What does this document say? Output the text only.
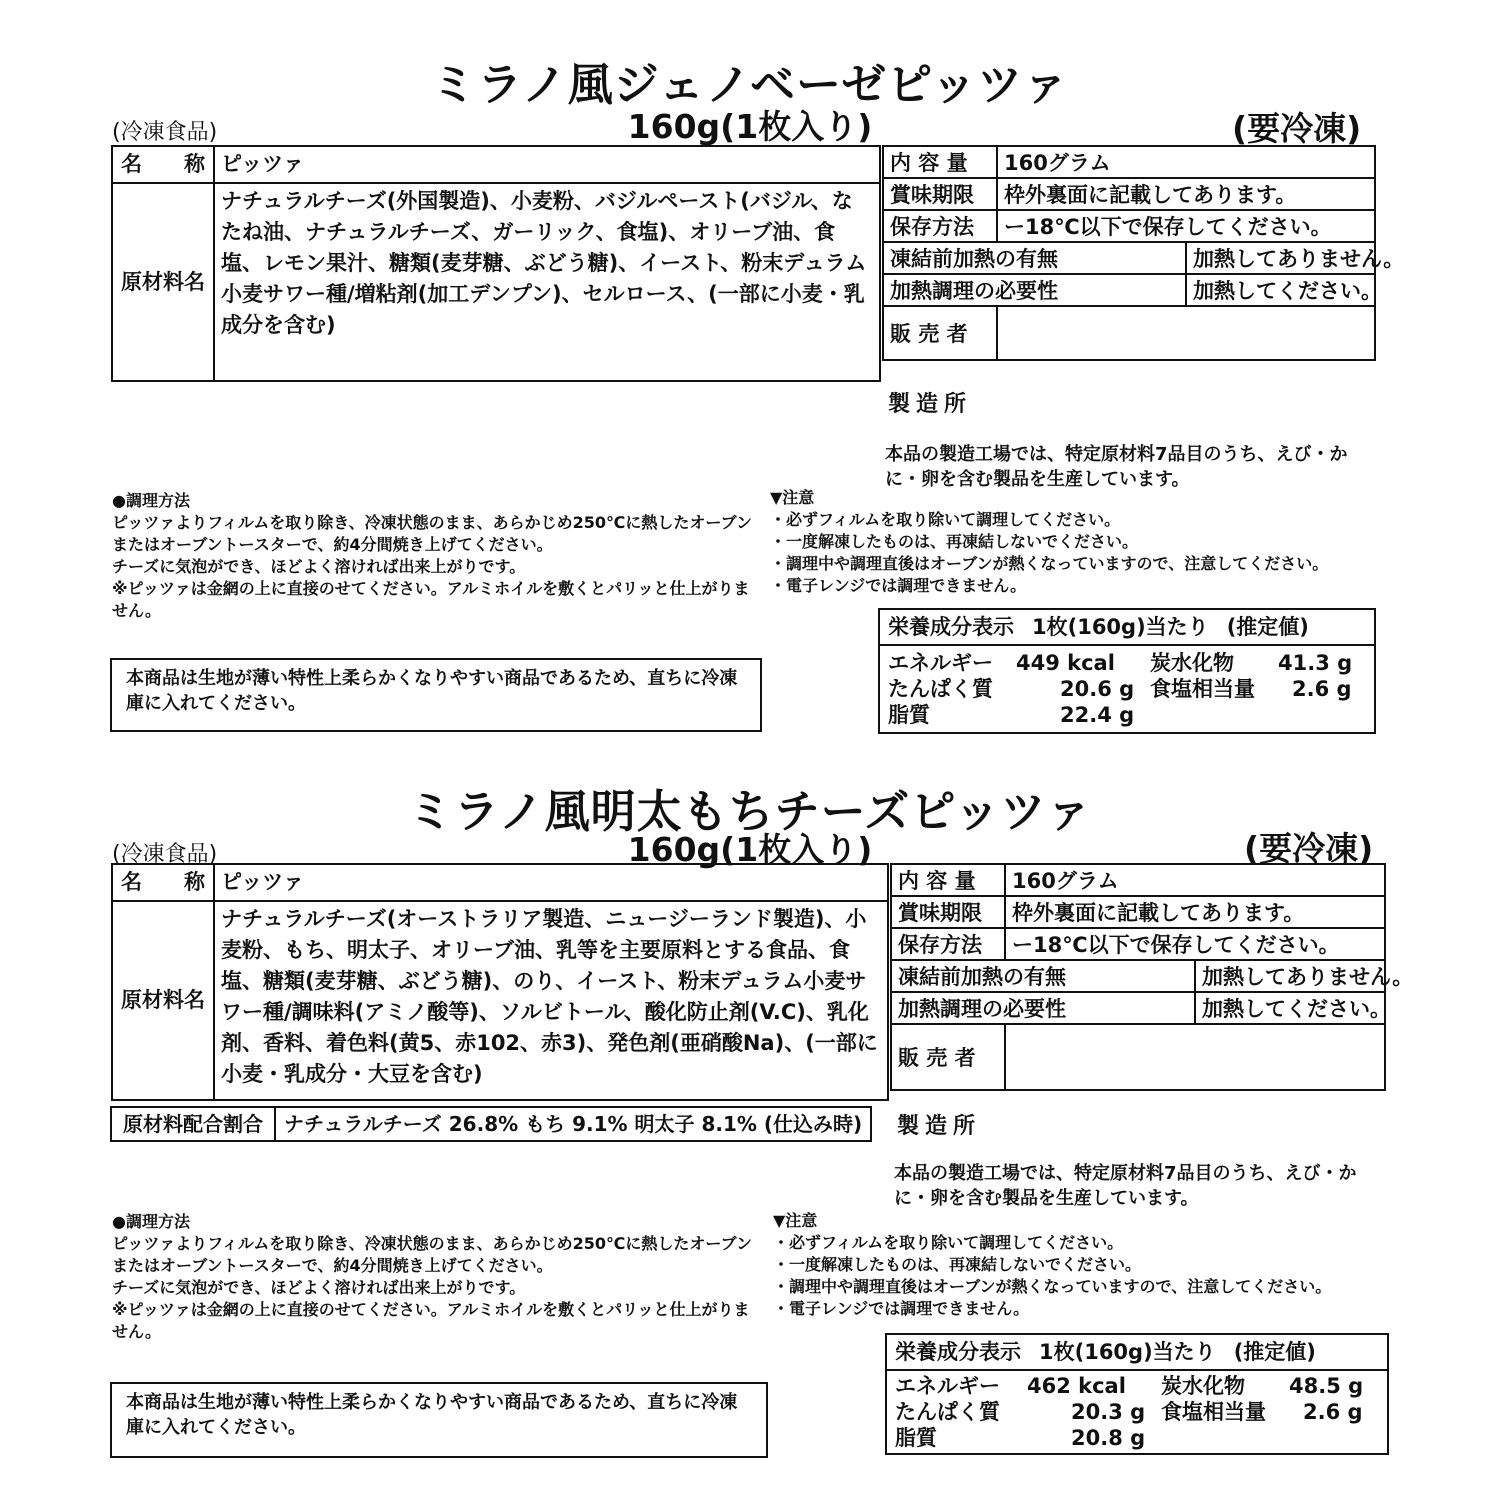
ミラノ風ジェノベーゼピッツァ
(冷凍食品)	160g(1枚入り)	(要冷凍)
名　　称	ピッツァ
原材料名	ナチュラルチーズ(外国製造)、小麦粉、バジルペースト(バジル、なたね油、ナチュラルチーズ、ガーリック、食塩)、オリーブ油、食塩、レモン果汁、糖類(麦芽糖、ぶどう糖)、イースト、粉末デュラム小麦サワー種/増粘剤(加工デンプン)、セルロース、(一部に小麦・乳成分を含む)
内 容 量	160グラム	
賞味期限	枠外裏面に記載してあります。	
保存方法	ー18℃以下で保存してください。	
凍結前加熱の有無		加熱してありません。
加熱調理の必要性		加熱してください。
販 売 者		
製造所
本品の製造工場では、特定原材料7品目のうち、えび・かに・卵を含む製品を生産しています。

●調理方法

ピッツァよりフィルムを取り除き、冷凍状態のまま、あらかじめ250℃に熱したオーブンまたはオーブントースターで、約4分間焼き上げてください。

チーズに気泡ができ、ほどよく溶ければ出来上がりです。

※ピッツァは金網の上に直接のせてください。アルミホイルを敷くとパリッと仕上がりません。

本商品は生地が薄い特性上柔らかくなりやすい商品であるため、直ちに冷凍庫に入れてください。

▼注意

・必ずフィルムを取り除いて調理してください。

・一度解凍したものは、再凍結しないでください。

・調理中や調理直後はオーブンが熱くなっていますので、注意してください。

・電子レンジでは調理できません。

栄養成分表示 1枚(160g)当たり (推定値)
エネルギー 449 kcal 炭水化物 41.3 g
たんぱく質	20.6 g 食塩相当量 2.6 g
脂質	22.4 g
ミラノ風明太もちチーズピッツァ
(冷凍食品)	160g(1枚入り)	(要冷凍)
名　　称	ピッツァ
原材料名	ナチュラルチーズ(オーストラリア製造、ニュージーランド製造)、小麦粉、もち、明太子、オリーブ油、乳等を主要原料とする食品、食塩、糖類(麦芽糖、ぶどう糖)、のり、イースト、粉末デュラム小麦サワー種/調味料(アミノ酸等)、ソルビトール、酸化防止剤(V.C)、乳化剤、香料、着色料(黄5、赤102、赤3)、発色剤(亜硝酸Na)、(一部に小麦・乳成分・大豆を含む)
内 容 量	160グラム	
賞味期限	枠外裏面に記載してあります。	
保存方法	ー18℃以下で保存してください。	
凍結前加熱の有無		加熱してありません。
加熱調理の必要性		加熱してください。
販 売 者		
製造所
本品の製造工場では、特定原材料7品目のうち、えび・かに・卵を含む製品を生産しています。

●調理方法

ピッツァよりフィルムを取り除き、冷凍状態のまま、あらかじめ250℃に熱したオーブンまたはオーブントースターで、約4分間焼き上げてください。

チーズに気泡ができ、ほどよく溶ければ出来上がりです。

※ピッツァは金網の上に直接のせてください。アルミホイルを敷くとパリッと仕上がりません。

本商品は生地が薄い特性上柔らかくなりやすい商品であるため、直ちに冷凍庫に入れてください。

▼注意

・必ずフィルムを取り除いて調理してください。

・一度解凍したものは、再凍結しないでください。

・調理中や調理直後はオーブンが熱くなっていますので、注意してください。

・電子レンジでは調理できません。

栄養成分表示 1枚(160g)当たり (推定値)
エネルギー 462 kcal 炭水化物 48.5 g
たんぱく質	20.3 g 食塩相当量 2.6 g
脂質	20.8 g
原材料配合割合	ナチュラルチーズ 26.8% もち 9.1% 明太子 8.1% (仕込み時)
